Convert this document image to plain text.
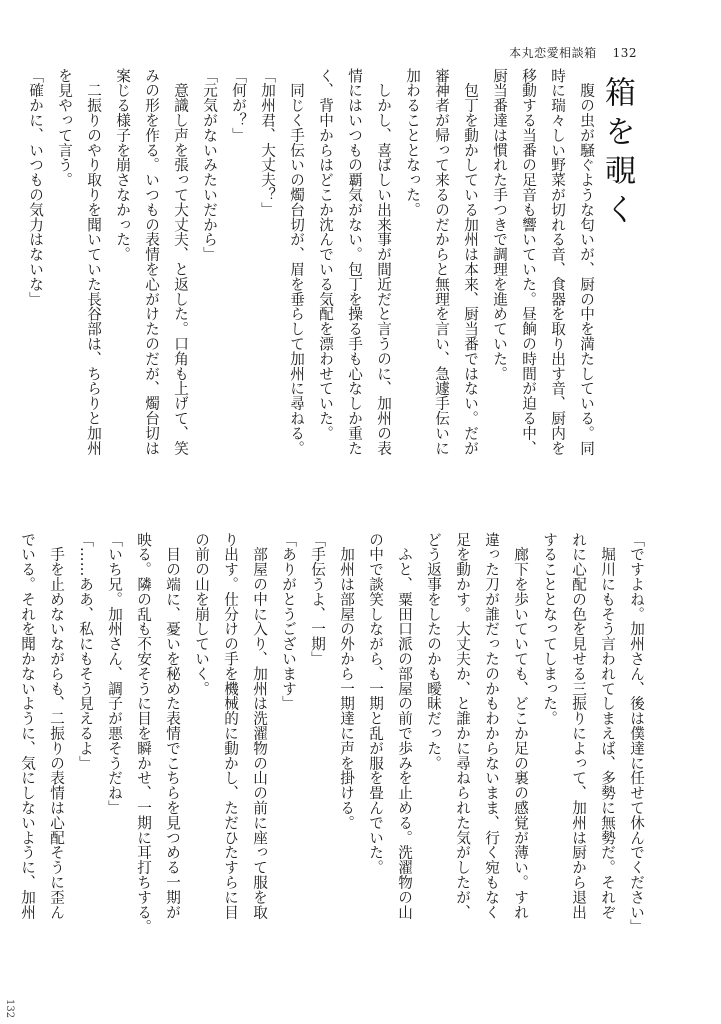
本丸恋愛相談箱 132
箱を覗く

　腹の虫が騒ぐような匂いが、厨の中を満たしている。同

時に瑞々しい野菜が切れる音、食器を取り出す音、厨内を

移動する当番の足音も響いていた。昼餉の時間が迫る中、

厨当番達は慣れた手つきで調理を進めていた。

　包丁を動かしている加州は本来、厨当番ではない。だが

審神者が帰って来るのだからと無理を言い、急遽手伝いに

加わることとなった。

　しかし、喜ばしい出来事が間近だと言うのに、加州の表

情にはいつもの覇気がない。包丁を操る手も心なしか重た

く、背中からはどこか沈んでいる気配を漂わせていた。

　同じく手伝いの燭台切が、眉を垂らして加州に尋ねる。

「加州君、大丈夫？」

「何が？」

「元気がないみたいだから」

　意識し声を張って大丈夫、と返した。口角も上げて、笑

みの形を作る。いつもの表情を心がけたのだが、燭台切は

案じる様子を崩さなかった。

　二振りのやり取りを聞いていた長谷部は、ちらりと加州

を見やって言う。

「確かに、いつもの気力はないな」

「ですよね。加州さん、後は僕達に任せて休んでください」

　堀川にもそう言われてしまえば、多勢に無勢だ。それぞ

れに心配の色を見せる三振りによって、加州は厨から退出

することとなってしまった。

　廊下を歩いていても、どこか足の裏の感覚が薄い。すれ

違った刀が誰だったのかもわからないまま、行く宛もなく

足を動かす。大丈夫か、と誰かに尋ねられた気がしたが、

どう返事をしたのかも曖昧だった。

　ふと、粟田口派の部屋の前で歩みを止める。洗濯物の山

の中で談笑しながら、一期と乱が服を畳んでいた。

　加州は部屋の外から一期達に声を掛ける。

「手伝うよ、一期」

「ありがとうございます」

　部屋の中に入り、加州は洗濯物の山の前に座って服を取

り出す。仕分けの手を機械的に動かし、ただひたすらに目

の前の山を崩していく。

　目の端に、憂いを秘めた表情でこちらを見つめる一期が

映る。隣の乱も不安そうに目を瞬かせ、一期に耳打ちする。

「いち兄。加州さん、調子が悪そうだね」

「……ああ、私にもそう見えるよ」

　手を止めないながらも、二振りの表情は心配そうに歪ん

でいる。それを聞かないように、気にしないように、加州

132
